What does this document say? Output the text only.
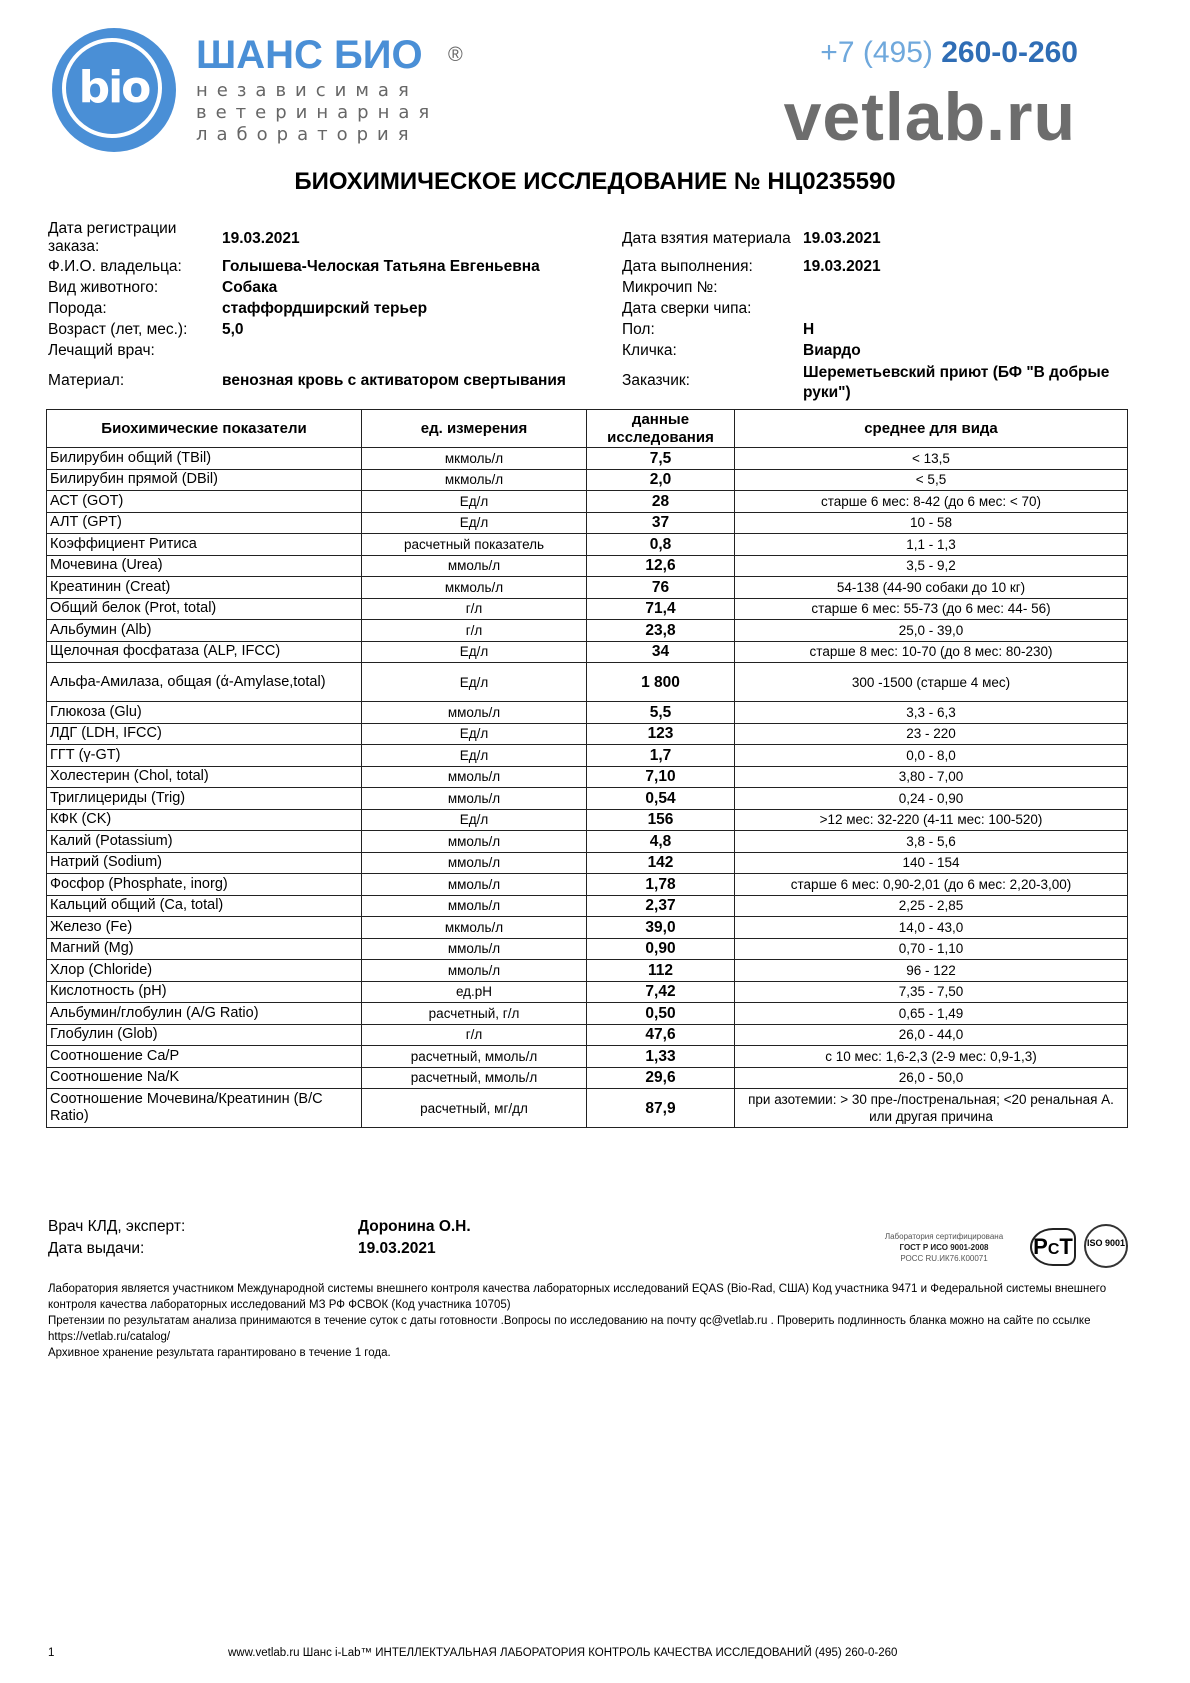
bio
ШАНС БИО ®
независимая
ветеринарная
лаборатория
+7 (495) 260-0-260
vetlab.ru
БИОХИМИЧЕСКОЕ ИССЛЕДОВАНИЕ № НЦ0235590
Дата регистрации заказа:	19.03.2021
Ф.И.О. владельца:	Голышева-Челоская Татьяна Евгеньевна
Вид животного:	Собака
Порода:	стаффордширский терьер
Возраст (лет, мес.): 5,0
Лечащий врач:
Материал:	венозная кровь с активатором свертывания
Дата взятия материала 19.03.2021
Дата выполнения:	19.03.2021
Микрочип №:
Дата сверки чипа:
Пол:	Н
Кличка:	Виардо
Заказчик:	Шереметьевский приют (БФ "В добрые руки")
Биохимические показатели	ед. измерения	данные исследования	среднее для вида
Билирубин общий (TBil)	мкмоль/л	7,5	< 13,5
Билирубин прямой (DBil)	мкмоль/л	2,0	< 5,5
АСТ (GOT)	Ед/л	28	старше 6 мес: 8-42 (до 6 мес: < 70)
АЛТ (GPT)	Ед/л	37	10 - 58
Коэффициент Ритиса	расчетный показатель	0,8	1,1 - 1,3
Мочевина (Urea)	ммоль/л	12,6	3,5 - 9,2
Креатинин (Creat)	мкмоль/л	76	54-138 (44-90 собаки до 10 кг)
Общий белок (Prot, total)	г/л	71,4	старше 6 мес: 55-73 (до 6 мес: 44- 56)
Альбумин (Alb)	г/л	23,8	25,0 - 39,0
Щелочная фосфатаза (ALP, IFCC)	Ед/л	34	старше 8 мес: 10-70 (до 8 мес: 80-230)
Альфа-Амилаза, общая (ά-Amylase,total)	Ед/л	1 800	300 -1500 (старше 4 мес)
Глюкоза (Glu)	ммоль/л	5,5	3,3 - 6,3
ЛДГ (LDH, IFCC)	Ед/л	123	23 - 220
ГГТ (γ-GT)	Ед/л	1,7	0,0 - 8,0
Холестерин (Chol, total)	ммоль/л	7,10	3,80 - 7,00
Триглицериды (Trig)	ммоль/л	0,54	0,24 - 0,90
КФК (CK)	Ед/л	156	>12 мес: 32-220 (4-11 мес: 100-520)
Калий (Potassium)	ммоль/л	4,8	3,8 - 5,6
Натрий (Sodium)	ммоль/л	142	140 - 154
Фосфор (Phosphate, inorg)	ммоль/л	1,78	старше 6 мес: 0,90-2,01 (до 6 мес: 2,20-3,00)
Кальций общий (Ca, total)	ммоль/л	2,37	2,25 - 2,85
Железо (Fe)	мкмоль/л	39,0	14,0 - 43,0
Магний (Mg)	ммоль/л	0,90	0,70 - 1,10
Хлор (Chloride)	ммоль/л	112	96 - 122
Кислотность (pH)	ед.pH	7,42	7,35 - 7,50
Альбумин/глобулин (A/G Ratio)	расчетный, г/л	0,50	0,65 - 1,49
Глобулин (Glob)	г/л	47,6	26,0 - 44,0
Соотношение Ca/P	расчетный, ммоль/л	1,33	с 10 мес: 1,6-2,3 (2-9 мес: 0,9-1,3)
Соотношение Na/K	расчетный, ммоль/л	29,6	26,0 - 50,0
Соотношение Мочевина/Креатинин (B/C Ratio)	расчетный, мг/дл	87,9	при азотемии: > 30 пре-/постренальная; <20 ренальная А. или другая причина
Врач КЛД, эксперт:	Доронина О.Н.
Дата выдачи:	19.03.2021
Лаборатория сертифицирована
ГОСТ Р ИСО 9001-2008
РОСС RU.ИК76.К00071	РСТ	ISO 9001
Лаборатория является участником Международной системы внешнего контроля качества лабораторных исследований EQAS (Bio-Rad, США) Код участника 9471 и Федеральной системы внешнего контроля качества лабораторных исследований МЗ РФ ФСВОК (Код участника 10705)
Претензии по результатам анализа принимаются в течение суток с даты готовности .Вопросы по исследованию на почту qc@vetlab.ru . Проверить подлинность бланка можно на сайте по ссылке https://vetlab.ru/catalog/
Архивное хранение результата гарантировано в течение 1 года.
1	www.vetlab.ru Шанс i-Lab™ ИНТЕЛЛЕКТУАЛЬНАЯ ЛАБОРАТОРИЯ КОНТРОЛЬ КАЧЕСТВА ИССЛЕДОВАНИЙ (495) 260-0-260
